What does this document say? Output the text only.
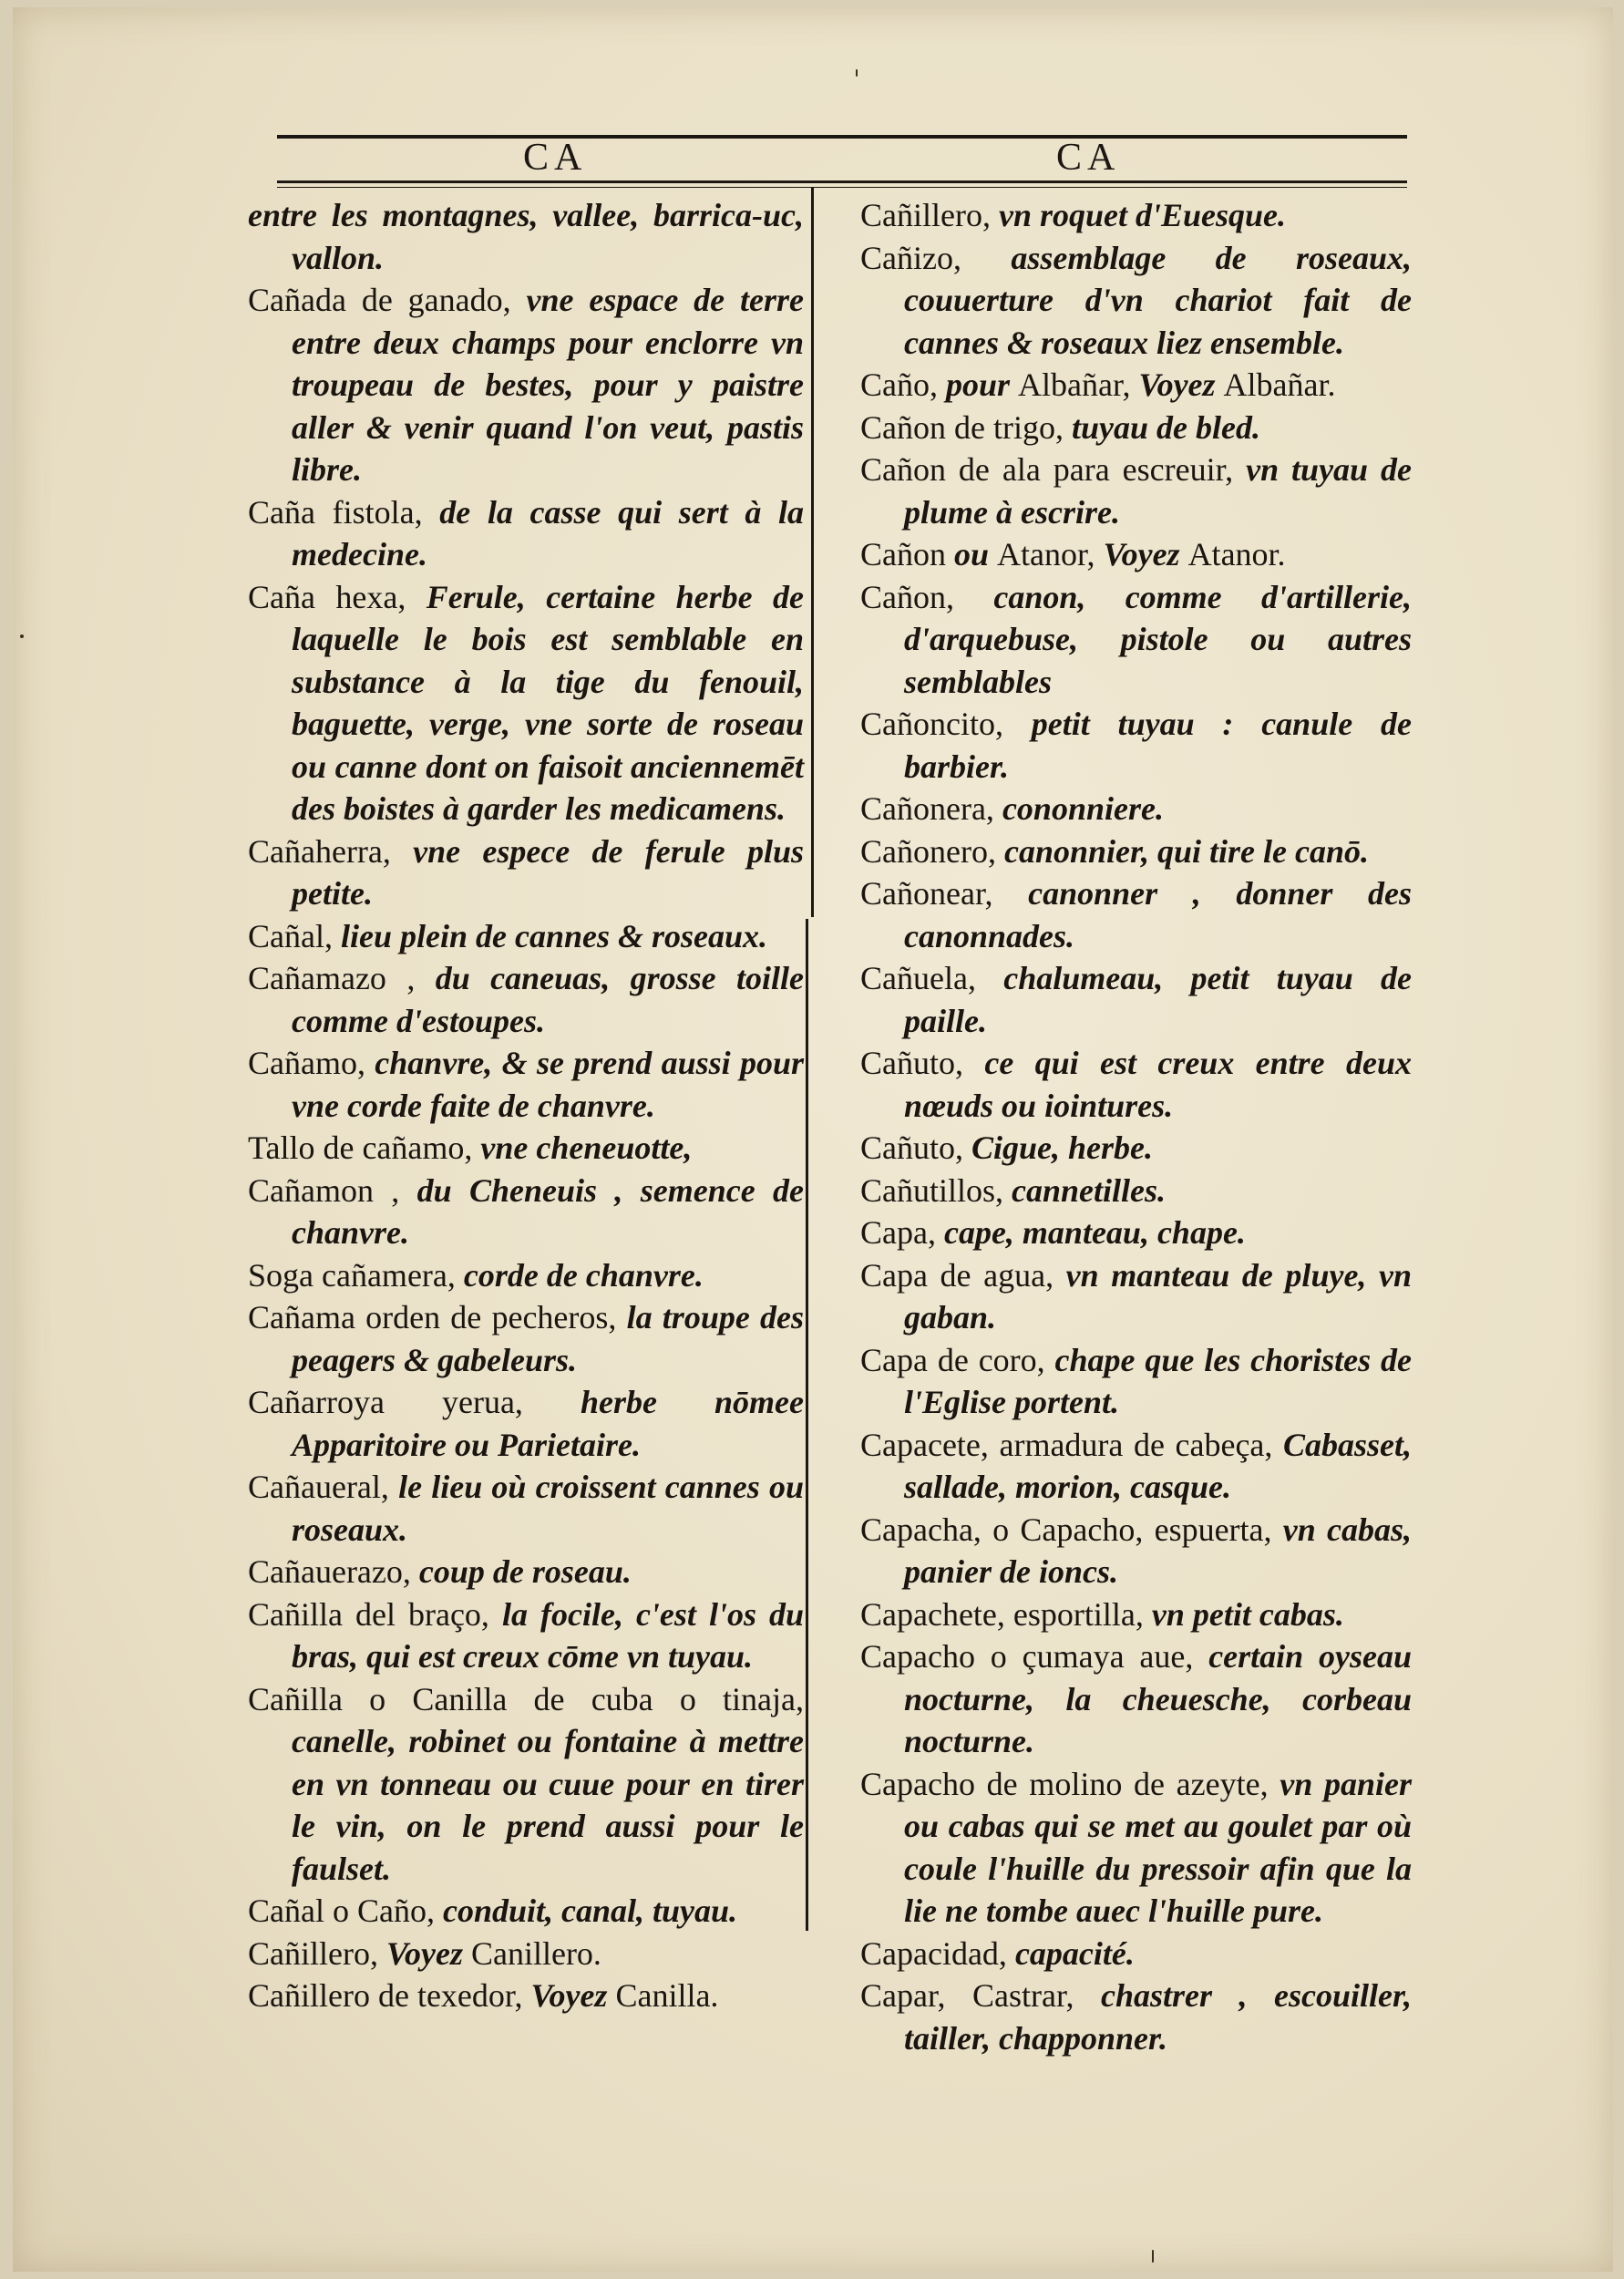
CA	CA
entre les montagnes, vallee, barrica-uc, vallon.
Cañada de ganado, vne espace de terre entre deux champs pour enclorre vn troupeau de bestes, pour y paistre aller & venir quand l'on veut, pastis libre.
Caña fistola, de la casse qui sert à la medecine.
Caña hexa, Ferule, certaine herbe de laquelle le bois est semblable en substance à la tige du fenouil, baguette, verge, vne sorte de roseau ou canne dont on faisoit anciennemēt des boistes à garder les medicamens.
Cañaherra, vne espece de ferule plus petite.
Cañal, lieu plein de cannes & roseaux.
Cañamazo , du caneuas, grosse toille comme d'estoupes.
Cañamo, chanvre, & se prend aussi pour vne corde faite de chanvre.
Tallo de cañamo, vne cheneuotte,
Cañamon , du Cheneuis , semence de chanvre.
Soga cañamera, corde de chanvre.
Cañama orden de pecheros, la troupe des peagers & gabeleurs.
Cañarroya yerua, herbe nōmee Apparitoire ou Parietaire.
Cañaueral, le lieu où croissent cannes ou roseaux.
Cañauerazo, coup de roseau.
Cañilla del braço, la focile, c'est l'os du bras, qui est creux cōme vn tuyau.
Cañilla o Canilla de cuba o tinaja, canelle, robinet ou fontaine à mettre en vn tonneau ou cuue pour en tirer le vin, on le prend aussi pour le faulset.
Cañal o Caño, conduit, canal, tuyau.
Cañillero, Voyez Canillero.
Cañillero de texedor, Voyez Canilla.
Cañillero, vn roquet d'Euesque.
Cañizo, assemblage de roseaux, couuerture d'vn chariot fait de cannes & roseaux liez ensemble.
Caño, pour Albañar, Voyez Albañar.
Cañon de trigo, tuyau de bled.
Cañon de ala para escreuir, vn tuyau de plume à escrire.
Cañon ou Atanor, Voyez Atanor.
Cañon, canon, comme d'artillerie, d'arquebuse, pistole ou autres semblables
Cañoncito, petit tuyau : canule de barbier.
Cañonera, cononniere.
Cañonero, canonnier, qui tire le canō.
Cañonear, canonner , donner des canonnades.
Cañuela, chalumeau, petit tuyau de paille.
Cañuto, ce qui est creux entre deux nœuds ou iointures.
Cañuto, Cigue, herbe.
Cañutillos, cannetilles.
Capa, cape, manteau, chape.
Capa de agua, vn manteau de pluye, vn gaban.
Capa de coro, chape que les choristes de l'Eglise portent.
Capacete, armadura de cabeça, Cabasset, sallade, morion, casque.
Capacha, o Capacho, espuerta, vn cabas, panier de ioncs.
Capachete, esportilla, vn petit cabas.
Capacho o çumaya aue, certain oyseau nocturne, la cheuesche, corbeau nocturne.
Capacho de molino de azeyte, vn panier ou cabas qui se met au goulet par où coule l'huille du pressoir afin que la lie ne tombe auec l'huille pure.
Capacidad, capacité.
Capar, Castrar, chastrer , escouiller, tailler, chapponner.
